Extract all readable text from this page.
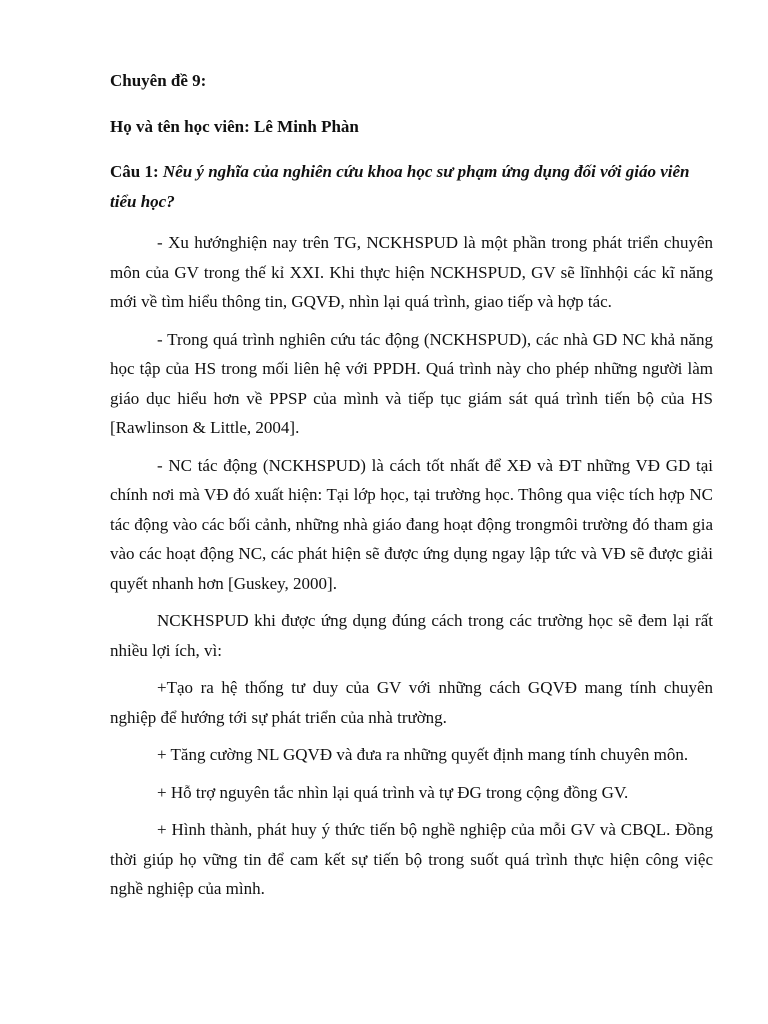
Chuyên đề 9:

Họ và tên học viên: Lê Minh Phàn

Câu 1: Nêu ý nghĩa của nghiên cứu khoa học sư phạm ứng dụng đối với giáo viên tiểu học?

- Xu hướnghiện nay trên TG, NCKHSPUD là một phần trong phát triển chuyên môn của GV trong thế kỉ XXI. Khi thực hiện NCKHSPUD, GV sẽ lĩnhhội các kĩ năng mới về tìm hiểu thông tin, GQVĐ, nhìn lại quá trình, giao tiếp và hợp tác.

- Trong quá trình nghiên cứu tác động (NCKHSPUD), các nhà GD NC khả năng học tập của HS trong mối liên hệ với PPDH. Quá trình này cho phép những người làm giáo dục hiểu hơn về PPSP của mình và tiếp tục giám sát quá trình tiến bộ của HS [Rawlinson & Little, 2004].

- NC tác động (NCKHSPUD) là cách tốt nhất để XĐ và ĐT những VĐ GD tại chính nơi mà VĐ đó xuất hiện: Tại lớp học, tại trường học. Thông qua việc tích hợp NC tác động vào các bối cảnh, những nhà giáo đang hoạt động trongmôi trường đó tham gia vào các hoạt động NC, các phát hiện sẽ được ứng dụng ngay lập tức và VĐ sẽ được giải quyết nhanh hơn [Guskey, 2000].

NCKHSPUD khi được ứng dụng đúng cách trong các trường học sẽ đem lại rất nhiều lợi ích, vì:

+Tạo ra hệ thống tư duy của GV với những cách GQVĐ mang tính chuyên nghiệp để hướng tới sự phát triển của nhà trường.

+ Tăng cường NL GQVĐ và đưa ra những quyết định mang tính chuyên môn.

+ Hỗ trợ nguyên tắc nhìn lại quá trình và tự ĐG trong cộng đồng GV.

+ Hình thành, phát huy ý thức tiến bộ nghề nghiệp của mỗi GV và CBQL. Đồng thời giúp họ vững tin để cam kết sự tiến bộ trong suốt quá trình thực hiện công việc nghề nghiệp của mình.
